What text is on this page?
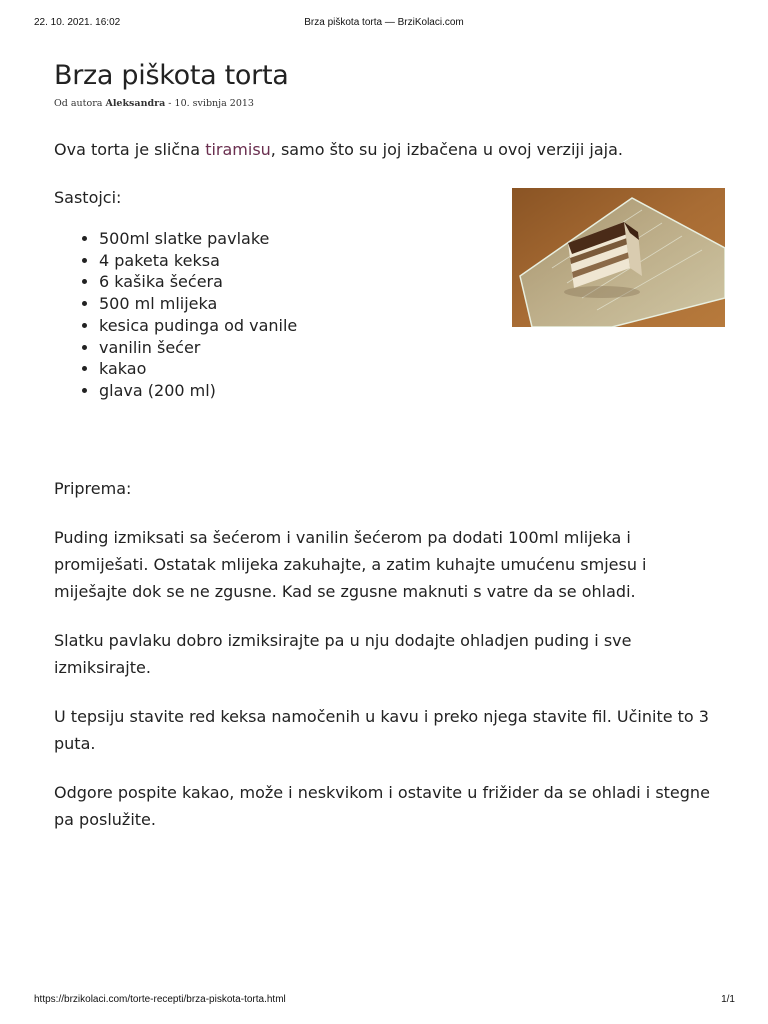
22. 10. 2021. 16:02	Brza piškota torta — BrziKolaci.com
Brza piškota torta
Od autora Aleksandra - 10. svibnja 2013

Ova torta je slična tiramisu, samo što su joj izbačena u ovoj verziji jaja.

Sastojci:

• 500ml slatke pavlake
• 4 paketa keksa
• 6 kašika šećera
• 500 ml mlijeka
• kesica pudinga od vanile
• vanilin šećer
• kakao
• glava (200 ml)

Priprema:

Puding izmiksati sa šećerom i vanilin šećerom pa dodati 100ml mlijeka i promiješati. Ostatak mlijeka zakuhajte, a zatim kuhajte umućenu smjesu i miješajte dok se ne zgusne. Kad se zgusne maknuti s vatre da se ohladi.

Slatku pavlaku dobro izmiksirajte pa u nju dodajte ohladjen puding i sve izmiksirajte.

U tepsiju stavite red keksa namočenih u kavu i preko njega stavite fil. Učinite to 3 puta.

Odgore pospite kakao, može i neskvikom i ostavite u frižider da se ohladi i stegne pa poslužite.

https://brzikolaci.com/torte-recepti/brza-piskota-torta.html	1/1
